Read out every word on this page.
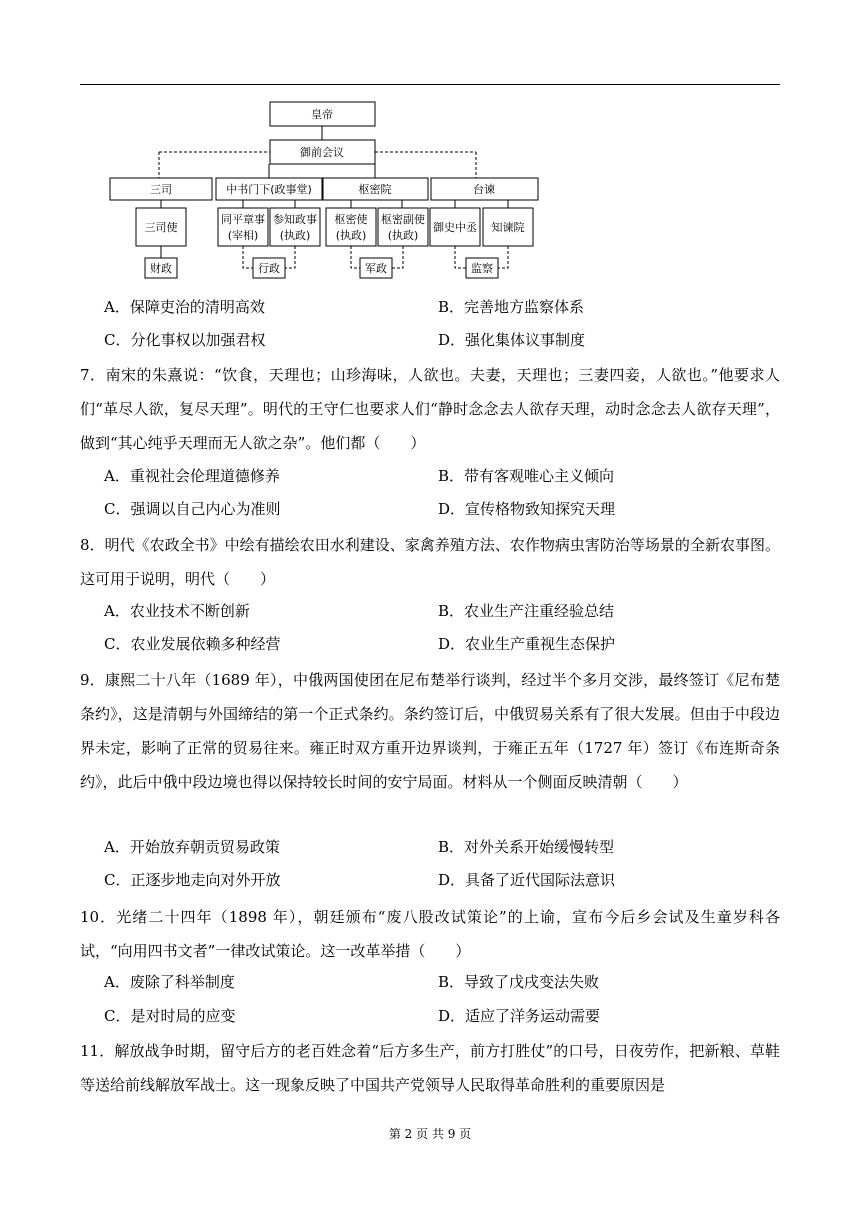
皇帝
御前会议
三司	中书门下(政事堂)	枢密院	台谏
三司使
同平章事
(宰相)
参知政事
(执政)
枢密使
(执政)
枢密副使
(执政)
御史中丞 知谏院
财政	行政	军政	监察
A．保障吏治的清明高效	B．完善地方监察体系
C．分化事权以加强君权	D．强化集体议事制度

7．南宋的朱熹说：“饮食，天理也；山珍海味，人欲也。夫妻，天理也；三妻四妾，人欲也。”他要求人们“革尽人欲，复尽天理”。明代的王守仁也要求人们“静时念念去人欲存天理，动时念念去人欲存天理”，做到“其心纯乎天理而无人欲之杂”。他们都（　　）

A．重视社会伦理道德修养	B．带有客观唯心主义倾向
C．强调以自己内心为准则	D．宣传格物致知探究天理

8．明代《农政全书》中绘有描绘农田水利建设、家禽养殖方法、农作物病虫害防治等场景的全新农事图。这可用于说明，明代（　　）

A．农业技术不断创新	B．农业生产注重经验总结
C．农业发展依赖多种经营	D．农业生产重视生态保护

9．康熙二十八年（1689 年），中俄两国使团在尼布楚举行谈判，经过半个多月交涉，最终签订《尼布楚条约》，这是清朝与外国缔结的第一个正式条约。条约签订后，中俄贸易关系有了很大发展。但由于中段边界未定，影响了正常的贸易往来。雍正时双方重开边界谈判，于雍正五年（1727 年）签订《布连斯奇条约》，此后中俄中段边境也得以保持较长时间的安宁局面。材料从一个侧面反映清朝（　　）

A．开始放弃朝贡贸易政策	B．对外关系开始缓慢转型
C．正逐步地走向对外开放	D．具备了近代国际法意识

10．光绪二十四年（1898 年），朝廷颁布“废八股改试策论”的上谕，宣布今后乡会试及生童岁科各试，“向用四书文者”一律改试策论。这一改革举措（　　）

A．废除了科举制度	B．导致了戊戌变法失败
C．是对时局的应变	D．适应了洋务运动需要

11．解放战争时期，留守后方的老百姓念着“后方多生产，前方打胜仗”的口号，日夜劳作，把新粮、草鞋等送给前线解放军战士。这一现象反映了中国共产党领导人民取得革命胜利的重要原因是

第 2 页 共 9 页
